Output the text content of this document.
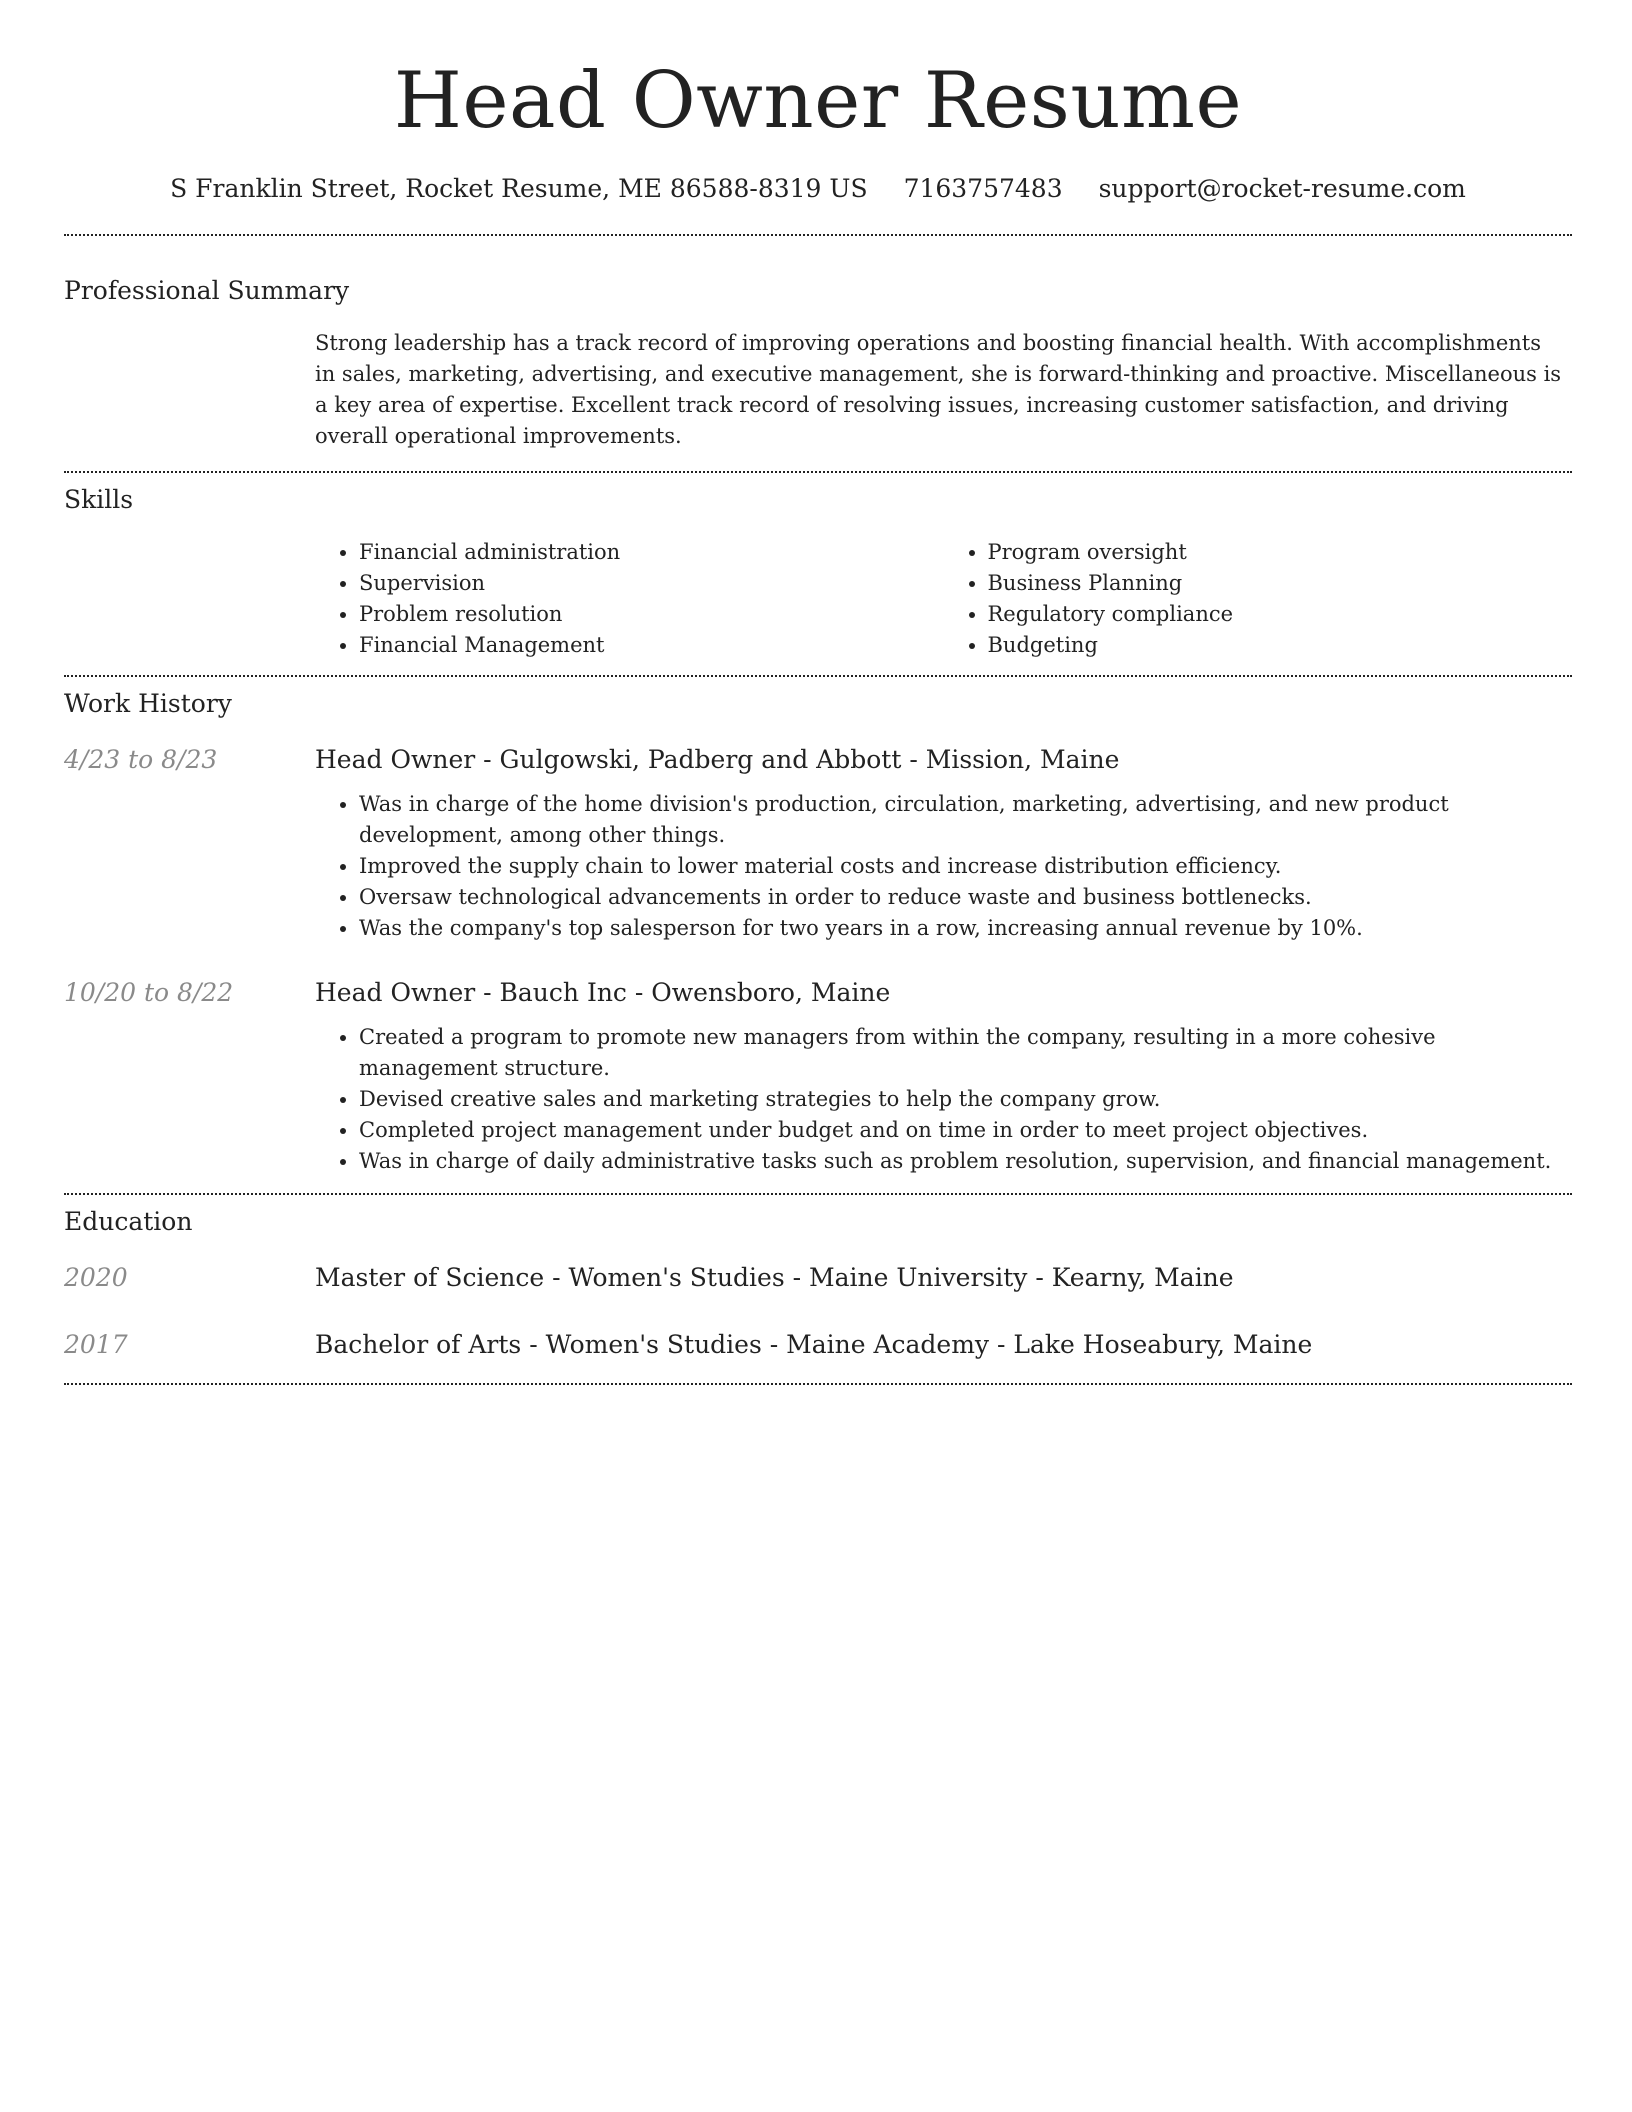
Head Owner Resume
S Franklin Street, Rocket Resume, ME 86588-8319 US 7163757483 support@rocket-resume.com
Professional Summary
Strong leadership has a track record of improving operations and boosting financial health. With accomplishments in sales, marketing, advertising, and executive management, she is forward-thinking and proactive. Miscellaneous is a key area of expertise. Excellent track record of resolving issues, increasing customer satisfaction, and driving overall operational improvements.
Skills
• Financial administration
• Supervision
• Problem resolution
• Financial Management
• Program oversight
• Business Planning
• Regulatory compliance
• Budgeting
Work History
4/23 to 8/23	Head Owner - Gulgowski, Padberg and Abbott - Mission, Maine
• Was in charge of the home division's production, circulation, marketing, advertising, and new product development, among other things.
• Improved the supply chain to lower material costs and increase distribution efficiency.
• Oversaw technological advancements in order to reduce waste and business bottlenecks.
• Was the company's top salesperson for two years in a row, increasing annual revenue by 10%.
10/20 to 8/22	Head Owner - Bauch Inc - Owensboro, Maine
• Created a program to promote new managers from within the company, resulting in a more cohesive management structure.
• Devised creative sales and marketing strategies to help the company grow.
• Completed project management under budget and on time in order to meet project objectives.
• Was in charge of daily administrative tasks such as problem resolution, supervision, and financial management.
Education
2020	Master of Science - Women's Studies - Maine University - Kearny, Maine
2017	Bachelor of Arts - Women's Studies - Maine Academy - Lake Hoseabury, Maine
